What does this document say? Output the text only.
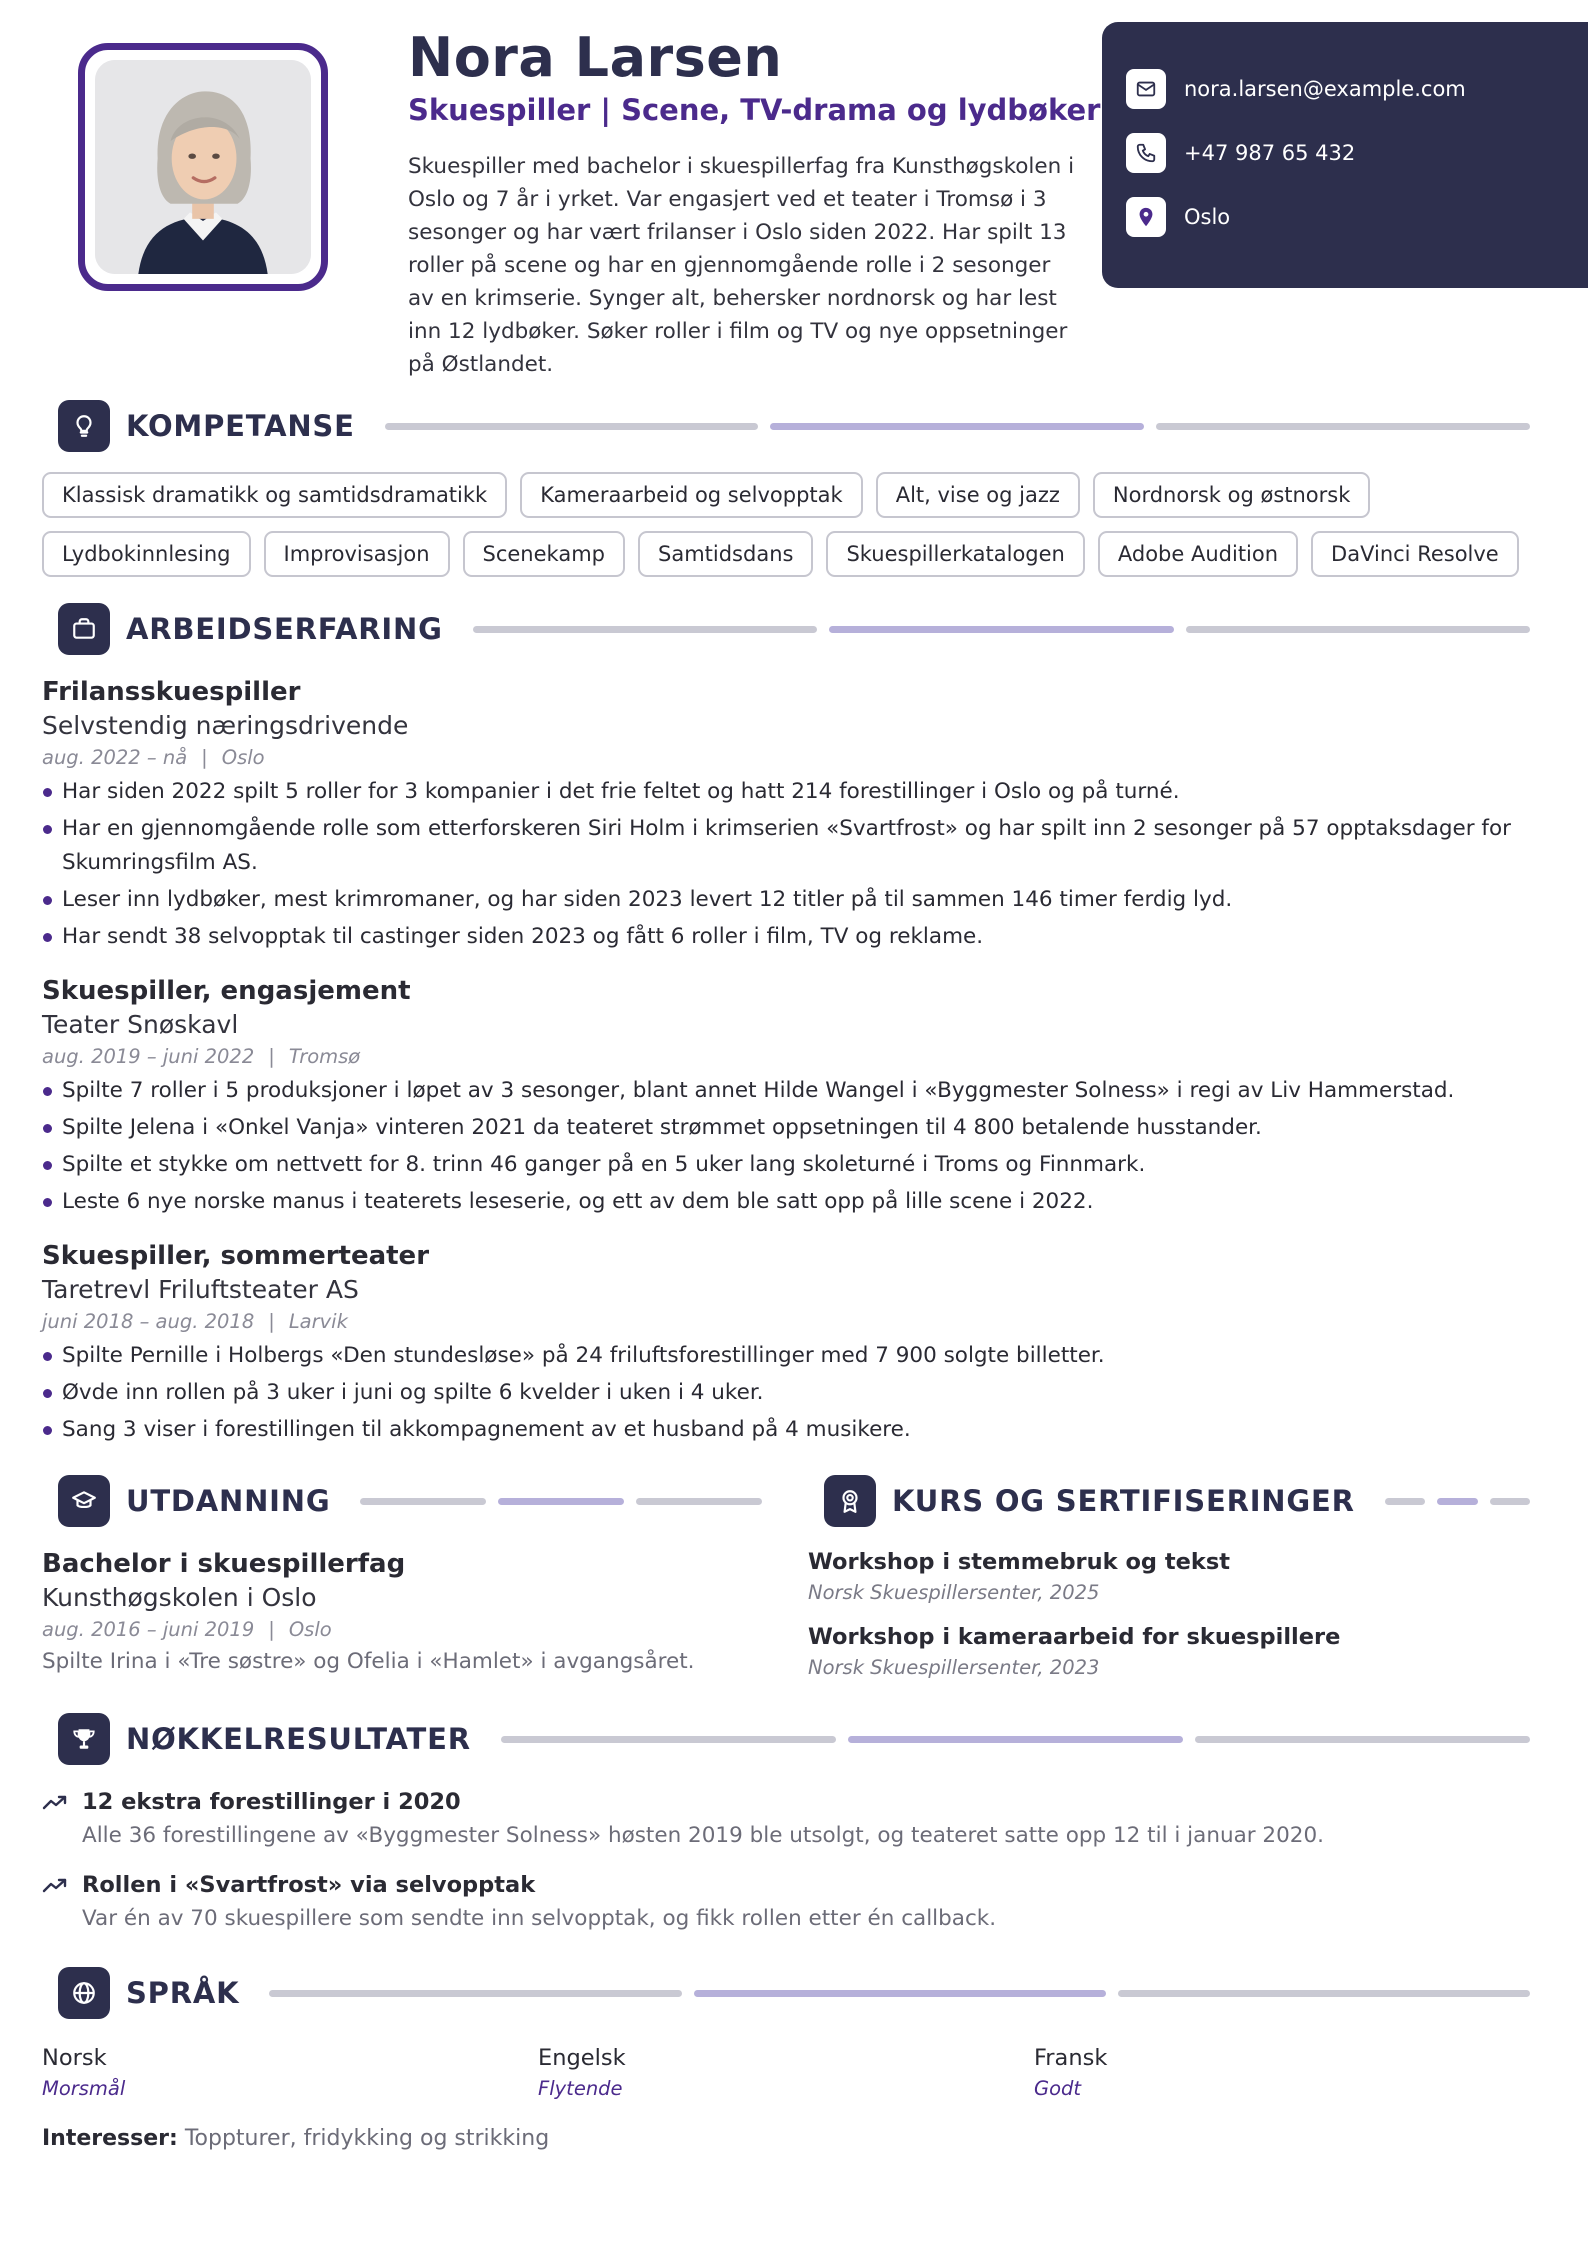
Nora Larsen
Skuespiller | Scene, TV-drama og lydbøker

Skuespiller med bachelor i skuespillerfag fra Kunsthøgskolen i Oslo og 7 år i yrket. Var engasjert ved et teater i Tromsø i 3 sesonger og har vært frilanser i Oslo siden 2022. Har spilt 13 roller på scene og har en gjennomgående rolle i 2 sesonger av en krimserie. Synger alt, behersker nordnorsk og har lest inn 12 lydbøker. Søker roller i film og TV og nye oppsetninger på Østlandet.

nora.larsen@example.com
+47 987 65 432
Oslo
KOMPETANSE
Klassisk dramatikk og samtidsdramatikk	Kameraarbeid og selvopptak	Alt, vise og jazz	Nordnorsk og østnorsk
Lydbokinnlesing	Improvisasjon	Scenekamp	Samtidsdans	Skuespillerkatalogen	Adobe Audition	DaVinci Resolve
ARBEIDSERFARING

Frilansskuespiller

Selvstendig næringsdrivende

aug. 2022 – nå | Oslo

Har siden 2022 spilt 5 roller for 3 kompanier i det frie feltet og hatt 214 forestillinger i Oslo og på turné.
Har en gjennomgående rolle som etterforskeren Siri Holm i krimserien «Svartfrost» og har spilt inn 2 sesonger på 57 opptaksdager for Skumringsfilm AS.
Leser inn lydbøker, mest krimromaner, og har siden 2023 levert 12 titler på til sammen 146 timer ferdig lyd.
Har sendt 38 selvopptak til castinger siden 2023 og fått 6 roller i film, TV og reklame.

Skuespiller, engasjement

Teater Snøskavl

aug. 2019 – juni 2022 | Tromsø

Spilte 7 roller i 5 produksjoner i løpet av 3 sesonger, blant annet Hilde Wangel i «Byggmester Solness» i regi av Liv Hammerstad.
Spilte Jelena i «Onkel Vanja» vinteren 2021 da teateret strømmet oppsetningen til 4 800 betalende husstander.
Spilte et stykke om nettvett for 8. trinn 46 ganger på en 5 uker lang skoleturné i Troms og Finnmark.
Leste 6 nye norske manus i teaterets leseserie, og ett av dem ble satt opp på lille scene i 2022.

Skuespiller, sommerteater

Taretrevl Friluftsteater AS

juni 2018 – aug. 2018 | Larvik

Spilte Pernille i Holbergs «Den stundesløse» på 24 friluftsforestillinger med 7 900 solgte billetter.
Øvde inn rollen på 3 uker i juni og spilte 6 kvelder i uken i 4 uker.
Sang 3 viser i forestillingen til akkompagnement av et husband på 4 musikere.
UTDANNING

Bachelor i skuespillerfag

Kunsthøgskolen i Oslo

aug. 2016 – juni 2019 | Oslo

Spilte Irina i «Tre søstre» og Ofelia i «Hamlet» i avgangsåret.

KURS OG SERTIFISERINGER

Workshop i stemmebruk og tekst

Norsk Skuespillersenter, 2025

Workshop i kameraarbeid for skuespillere

Norsk Skuespillersenter, 2023

NØKKELRESULTATER

12 ekstra forestillinger i 2020

Alle 36 forestillingene av «Byggmester Solness» høsten 2019 ble utsolgt, og teateret satte opp 12 til i januar 2020.

Rollen i «Svartfrost» via selvopptak

Var én av 70 skuespillere som sendte inn selvopptak, og fikk rollen etter én callback.

SPRÅK

Norsk

Morsmål

Engelsk

Flytende

Fransk

Godt

Interesser: Toppturer, fridykking og strikking
